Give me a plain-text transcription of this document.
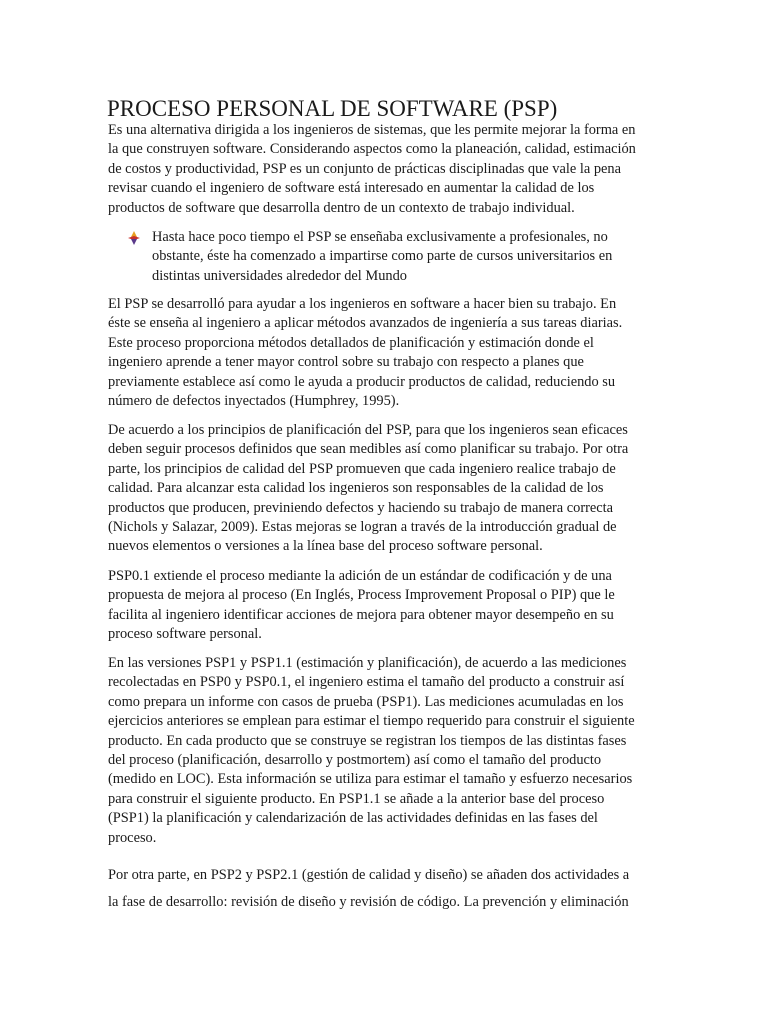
PROCESO PERSONAL DE SOFTWARE (PSP)

Es una alternativa dirigida a los ingenieros de sistemas, que les permite mejorar la forma en
la que construyen software. Considerando aspectos como la planeación, calidad, estimación
de costos y productividad, PSP es un conjunto de prácticas disciplinadas que vale la pena
revisar cuando el ingeniero de software está interesado en aumentar la calidad de los
productos de software que desarrolla dentro de un contexto de trabajo individual.

Hasta hace poco tiempo el PSP se enseñaba exclusivamente a profesionales, no
obstante, éste ha comenzado a impartirse como parte de cursos universitarios en
distintas universidades alrededor del Mundo

El PSP se desarrolló para ayudar a los ingenieros en software a hacer bien su trabajo. En
éste se enseña al ingeniero a aplicar métodos avanzados de ingeniería a sus tareas diarias.
Este proceso proporciona métodos detallados de planificación y estimación donde el
ingeniero aprende a tener mayor control sobre su trabajo con respecto a planes que
previamente establece así como le ayuda a producir productos de calidad, reduciendo su
número de defectos inyectados (Humphrey, 1995).

De acuerdo a los principios de planificación del PSP, para que los ingenieros sean eficaces
deben seguir procesos definidos que sean medibles así como planificar su trabajo. Por otra
parte, los principios de calidad del PSP promueven que cada ingeniero realice trabajo de
calidad. Para alcanzar esta calidad los ingenieros son responsables de la calidad de los
productos que producen, previniendo defectos y haciendo su trabajo de manera correcta
(Nichols y Salazar, 2009). Estas mejoras se logran a través de la introducción gradual de
nuevos elementos o versiones a la línea base del proceso software personal.

PSP0.1 extiende el proceso mediante la adición de un estándar de codificación y de una
propuesta de mejora al proceso (En Inglés, Process Improvement Proposal o PIP) que le
facilita al ingeniero identificar acciones de mejora para obtener mayor desempeño en su
proceso software personal.

En las versiones PSP1 y PSP1.1 (estimación y planificación), de acuerdo a las mediciones
recolectadas en PSP0 y PSP0.1, el ingeniero estima el tamaño del producto a construir así
como prepara un informe con casos de prueba (PSP1). Las mediciones acumuladas en los
ejercicios anteriores se emplean para estimar el tiempo requerido para construir el siguiente
producto. En cada producto que se construye se registran los tiempos de las distintas fases
del proceso (planificación, desarrollo y postmortem) así como el tamaño del producto
(medido en LOC). Esta información se utiliza para estimar el tamaño y esfuerzo necesarios
para construir el siguiente producto. En PSP1.1 se añade a la anterior base del proceso
(PSP1) la planificación y calendarización de las actividades definidas en las fases del
proceso.

Por otra parte, en PSP2 y PSP2.1 (gestión de calidad y diseño) se añaden dos actividades a
la fase de desarrollo: revisión de diseño y revisión de código. La prevención y eliminación
